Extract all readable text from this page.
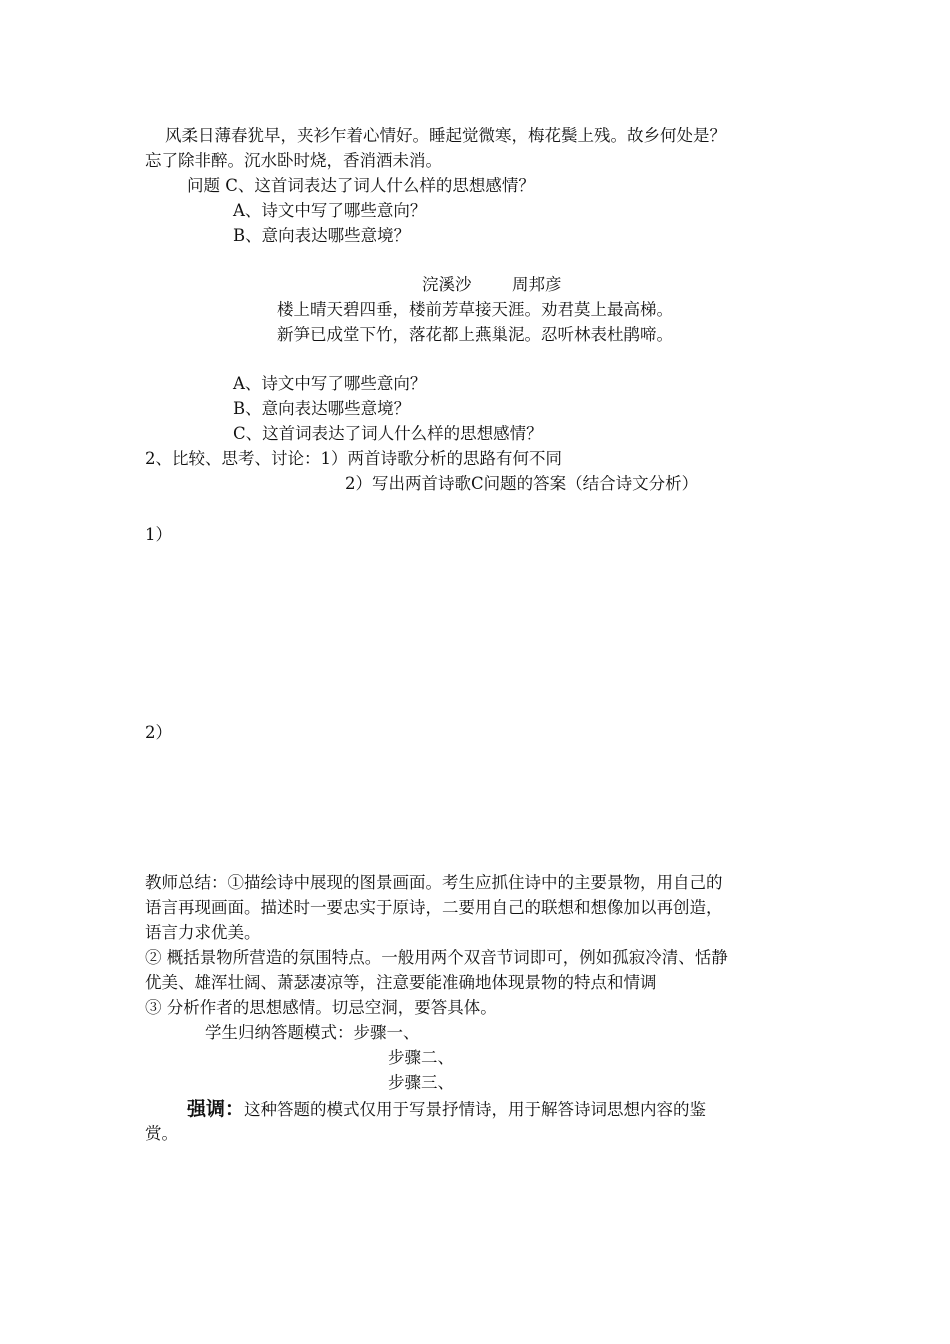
风柔日薄春犹早，夹衫乍着心情好。睡起觉微寒，梅花鬓上残。故乡何处是？
忘了除非醉。沉水卧时烧，香消酒未消。
问题 C、这首词表达了词人什么样的思想感情？
A、诗文中写了哪些意向？
B、意向表达哪些意境？
浣溪沙 周邦彦
楼上晴天碧四垂，楼前芳草接天涯。劝君莫上最高梯。
新笋已成堂下竹，落花都上燕巢泥。忍听林表杜鹃啼。
A、诗文中写了哪些意向？
B、意向表达哪些意境？
C、这首词表达了词人什么样的思想感情？
2、比较、思考、讨论：1）两首诗歌分析的思路有何不同
2）写出两首诗歌C问题的答案（结合诗文分析）
1）
2）
教师总结：①描绘诗中展现的图景画面。考生应抓住诗中的主要景物，用自己的
语言再现画面。描述时一要忠实于原诗，二要用自己的联想和想像加以再创造，
语言力求优美。
② 概括景物所营造的氛围特点。一般用两个双音节词即可，例如孤寂冷清、恬静
优美、雄浑壮阔、萧瑟凄凉等，注意要能准确地体现景物的特点和情调
③ 分析作者的思想感情。切忌空洞，要答具体。
学生归纳答题模式：步骤一、
步骤二、
步骤三、
强调：这种答题的模式仅用于写景抒情诗，用于解答诗词思想内容的鉴
赏。
